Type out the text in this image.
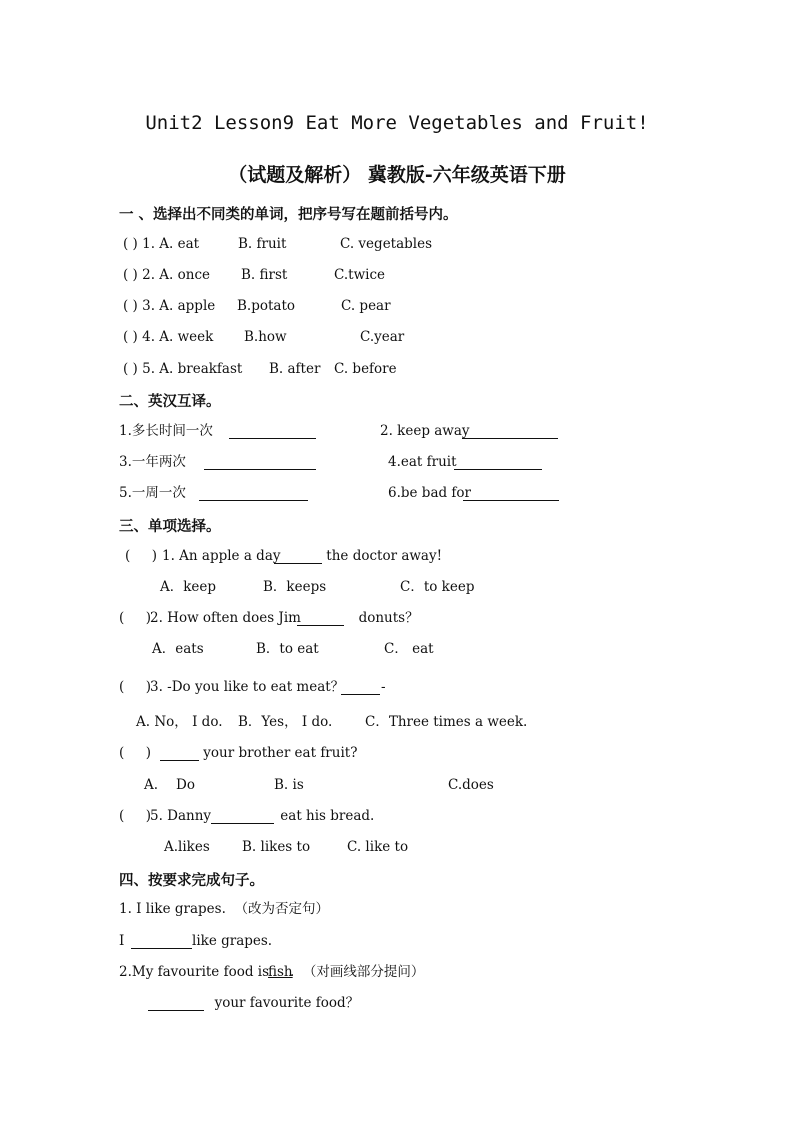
Unit2 Lesson9 Eat More Vegetables and Fruit!
（试题及解析） 冀教版-六年级英语下册
一 、选择出不同类的单词，把序号写在题前括号内。
( ) 1. A. eat	B. fruit	C. vegetables
( ) 2. A. once B. first	C.twice
( ) 3. A. apple B.potato	C. pear
( ) 4. A. week B.how	C.year
( ) 5. A. breakfast B. after C. before
二、英汉互译。
1.多长时间一次	2. keep away
3.一年两次	4.eat fruit
5.一周一次	6.be bad for
三、单项选择。
(     ) 1. An apple a day	the doctor away!
A．keep	B．keeps	C．to keep
(     ) 2. How often does Jim	donuts？
A．eats	B．to eat	C． eat
(     ) 3. -Do you like to eat meat？	-
A. No， I do. B．Yes， I do. C．Three times a week.
(     )	your brother eat fruit?
A. Do	B. is	C.does
(     ) 5. Danny	eat his bread.
A.likes B. likes to	C. like to
四、按要求完成句子。
1. I like grapes.  （改为否定句）
I	like grapes.
2.My favourite food is
fish
.  （对画线部分提问）
your favourite food？
